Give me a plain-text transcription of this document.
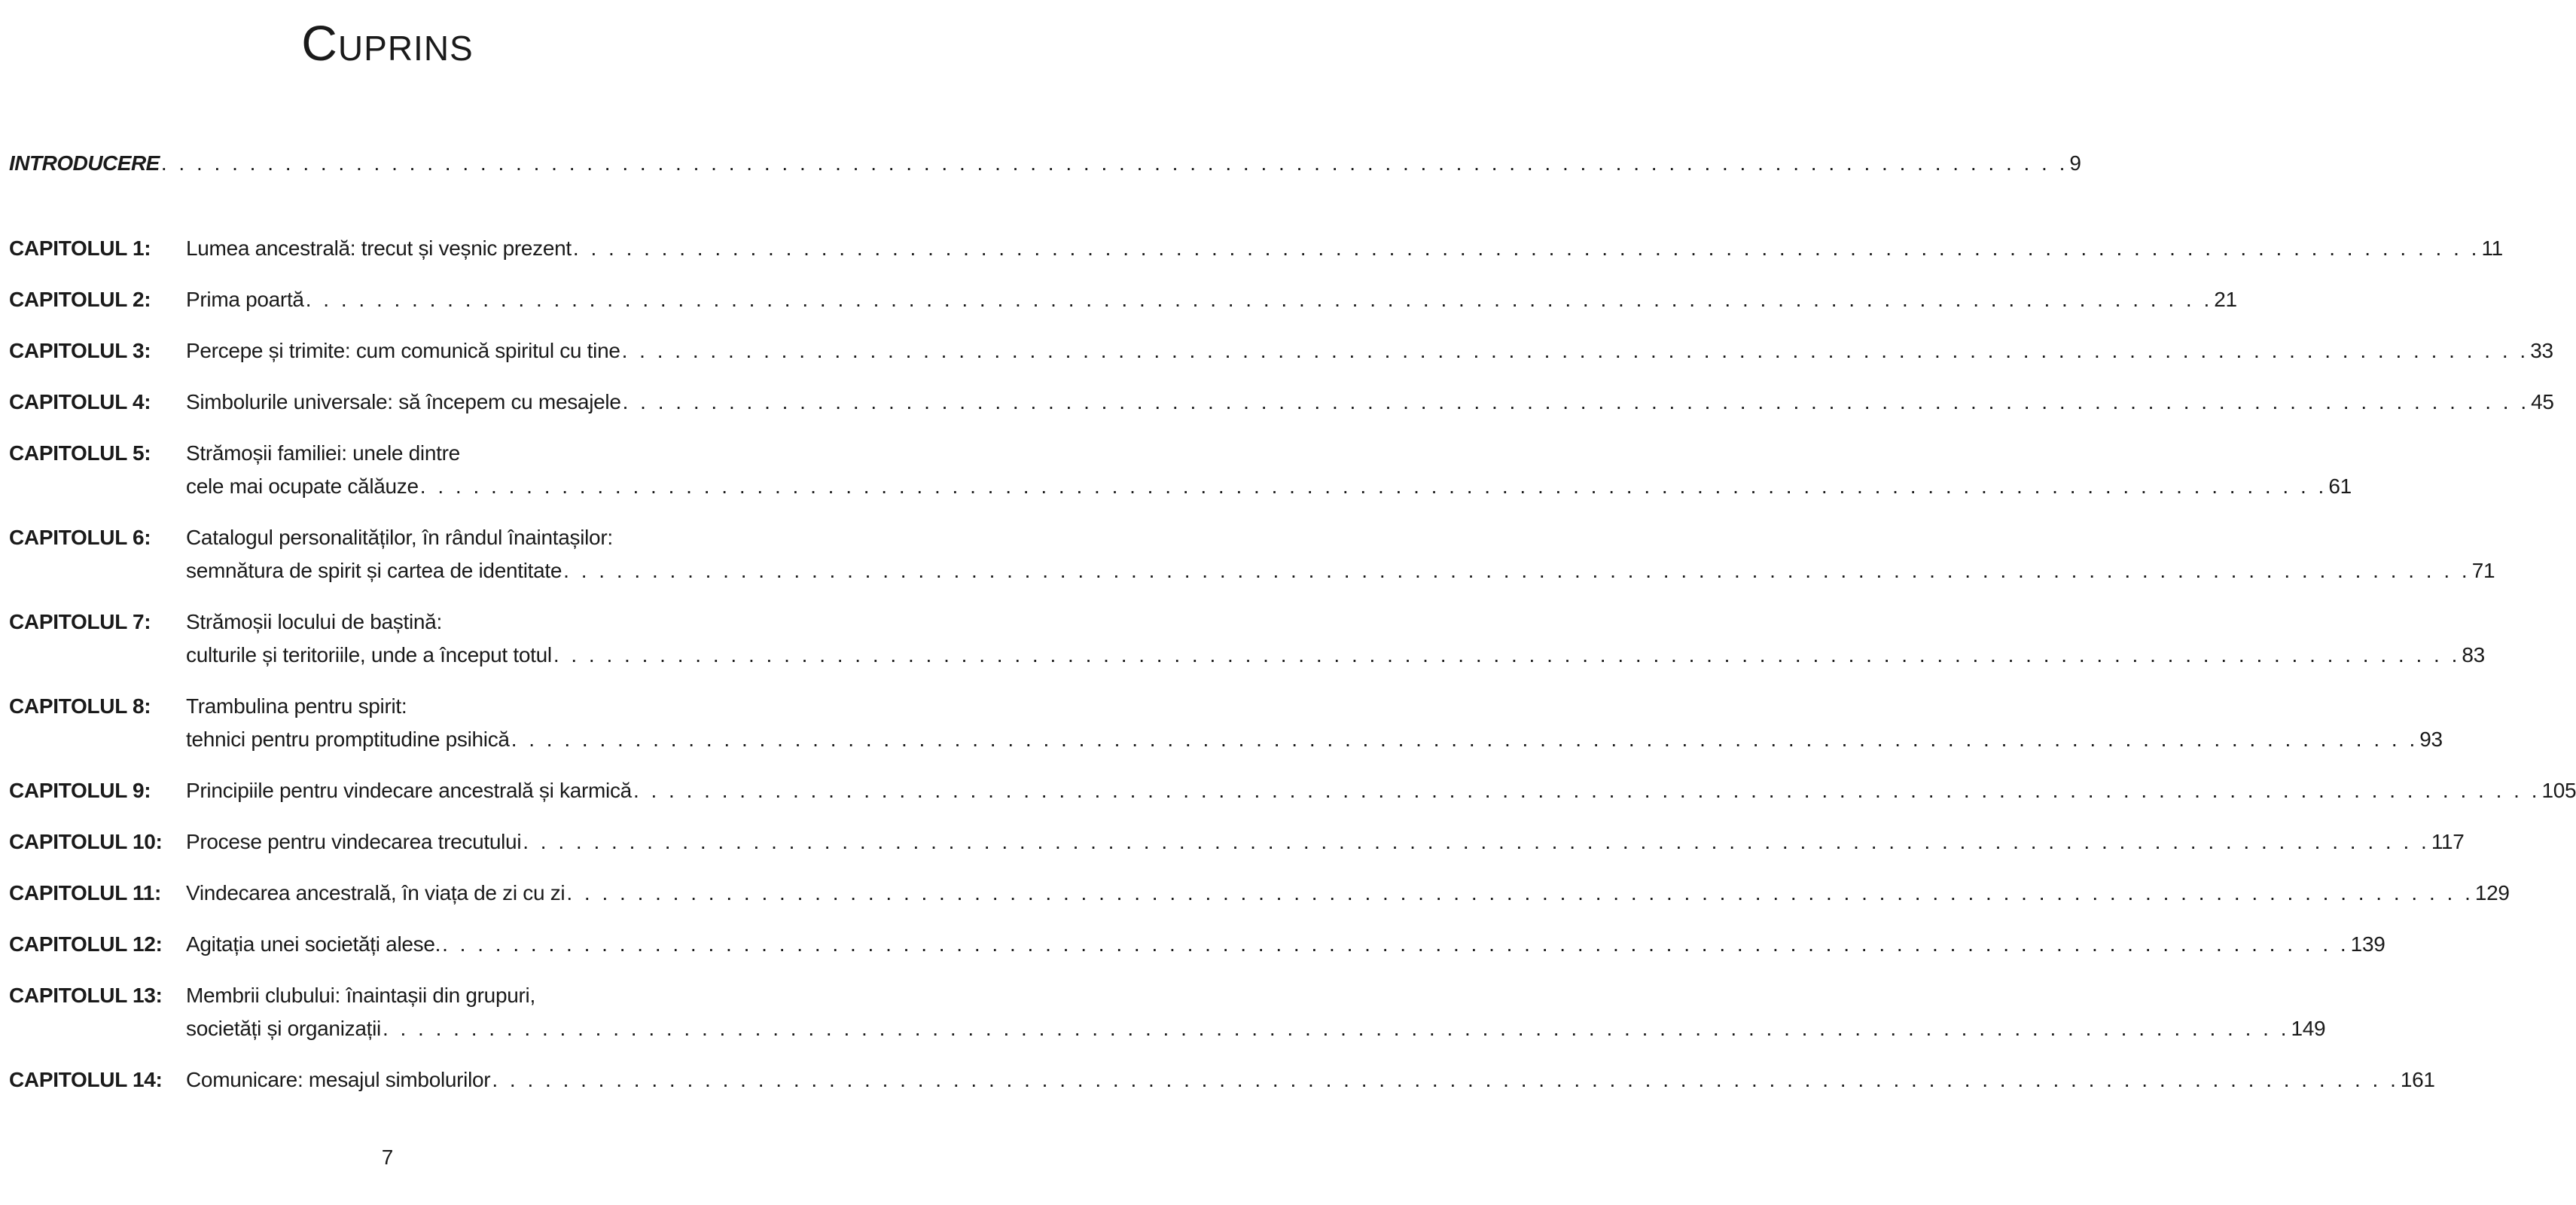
Cuprins
INTRODUCERE . . .	9
CAPITOLUL 1:	Lumea ancestrală: trecut și veșnic prezent . . .	11
CAPITOLUL 2:	Prima poartă . . .	21
CAPITOLUL 3:	Percepe și trimite: cum comunică spiritul cu tine . . .	33
CAPITOLUL 4:	Simbolurile universale: să începem cu mesajele . . .	45
CAPITOLUL 5:	Strămoșii familiei: unele dintre
cele mai ocupate călăuze . . .	61
CAPITOLUL 6:	Catalogul personalităților, în rândul înaintașilor:
semnătura de spirit și cartea de identitate . . .	71
CAPITOLUL 7:	Strămoșii locului de baștină:
culturile și teritoriile, unde a început totul . . .	83
CAPITOLUL 8:	Trambulina pentru spirit:
tehnici pentru promptitudine psihică . . .	93
CAPITOLUL 9:	Principiile pentru vindecare ancestrală și karmică . . .	105
CAPITOLUL 10:	Procese pentru vindecarea trecutului . . .	117
CAPITOLUL 11:	Vindecarea ancestrală, în viața de zi cu zi . . .	129
CAPITOLUL 12:	Agitația unei societăți alese. . . .	139
CAPITOLUL 13:	Membrii clubului: înaintașii din grupuri,
societăți și organizații . . .	149
CAPITOLUL 14:	Comunicare: mesajul simbolurilor . . .	161
7
